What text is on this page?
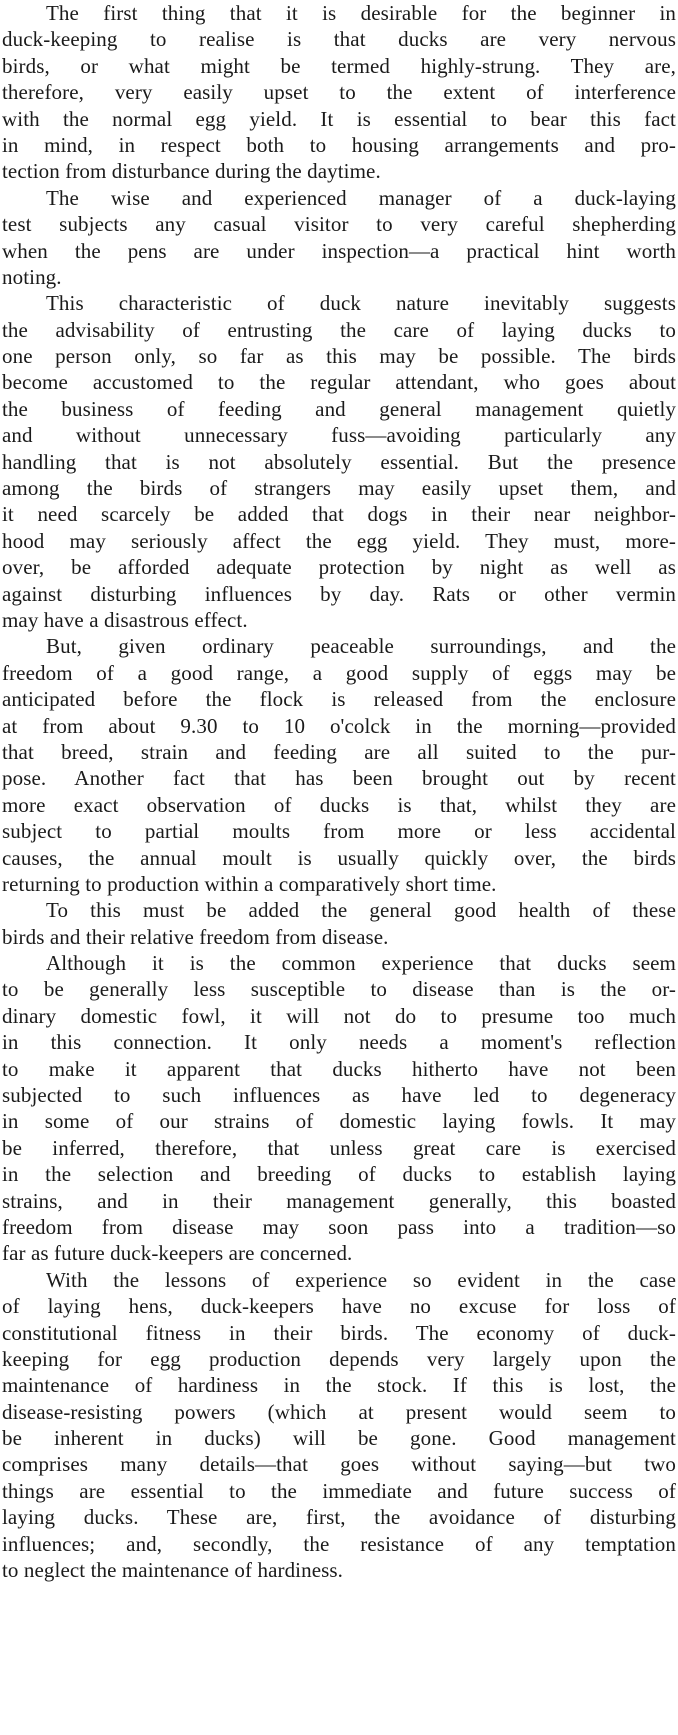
The first thing that it is desirable for the beginner in
duck-keeping to realise is that ducks are very nervous
birds, or what might be termed highly-strung. They are,
therefore, very easily upset to the extent of interference
with the normal egg yield. It is essential to bear this fact
in mind, in respect both to housing arrangements and pro-
tection from disturbance during the daytime.
The wise and experienced manager of a duck-laying
test subjects any casual visitor to very careful shepherding
when the pens are under inspection—a practical hint worth
noting.
This characteristic of duck nature inevitably suggests
the advisability of entrusting the care of laying ducks to
one person only, so far as this may be possible. The birds
become accustomed to the regular attendant, who goes about
the business of feeding and general management quietly
and without unnecessary fuss—avoiding particularly any
handling that is not absolutely essential. But the presence
among the birds of strangers may easily upset them, and
it need scarcely be added that dogs in their near neighbor-
hood may seriously affect the egg yield. They must, more-
over, be afforded adequate protection by night as well as
against disturbing influences by day. Rats or other vermin
may have a disastrous effect.
But, given ordinary peaceable surroundings, and the
freedom of a good range, a good supply of eggs may be
anticipated before the flock is released from the enclosure
at from about 9.30 to 10 o'colck in the morning—provided
that breed, strain and feeding are all suited to the pur-
pose. Another fact that has been brought out by recent
more exact observation of ducks is that, whilst they are
subject to partial moults from more or less accidental
causes, the annual moult is usually quickly over, the birds
returning to production within a comparatively short time.
To this must be added the general good health of these
birds and their relative freedom from disease.
Although it is the common experience that ducks seem
to be generally less susceptible to disease than is the or-
dinary domestic fowl, it will not do to presume too much
in this connection. It only needs a moment's reflection
to make it apparent that ducks hitherto have not been
subjected to such influences as have led to degeneracy
in some of our strains of domestic laying fowls. It may
be inferred, therefore, that unless great care is exercised
in the selection and breeding of ducks to establish laying
strains, and in their management generally, this boasted
freedom from disease may soon pass into a tradition—so
far as future duck-keepers are concerned.
With the lessons of experience so evident in the case
of laying hens, duck-keepers have no excuse for loss of
constitutional fitness in their birds. The economy of duck-
keeping for egg production depends very largely upon the
maintenance of hardiness in the stock. If this is lost, the
disease-resisting powers (which at present would seem to
be inherent in ducks) will be gone. Good management
comprises many details—that goes without saying—but two
things are essential to the immediate and future success of
laying ducks. These are, first, the avoidance of disturbing
influences; and, secondly, the resistance of any temptation
to neglect the maintenance of hardiness.
